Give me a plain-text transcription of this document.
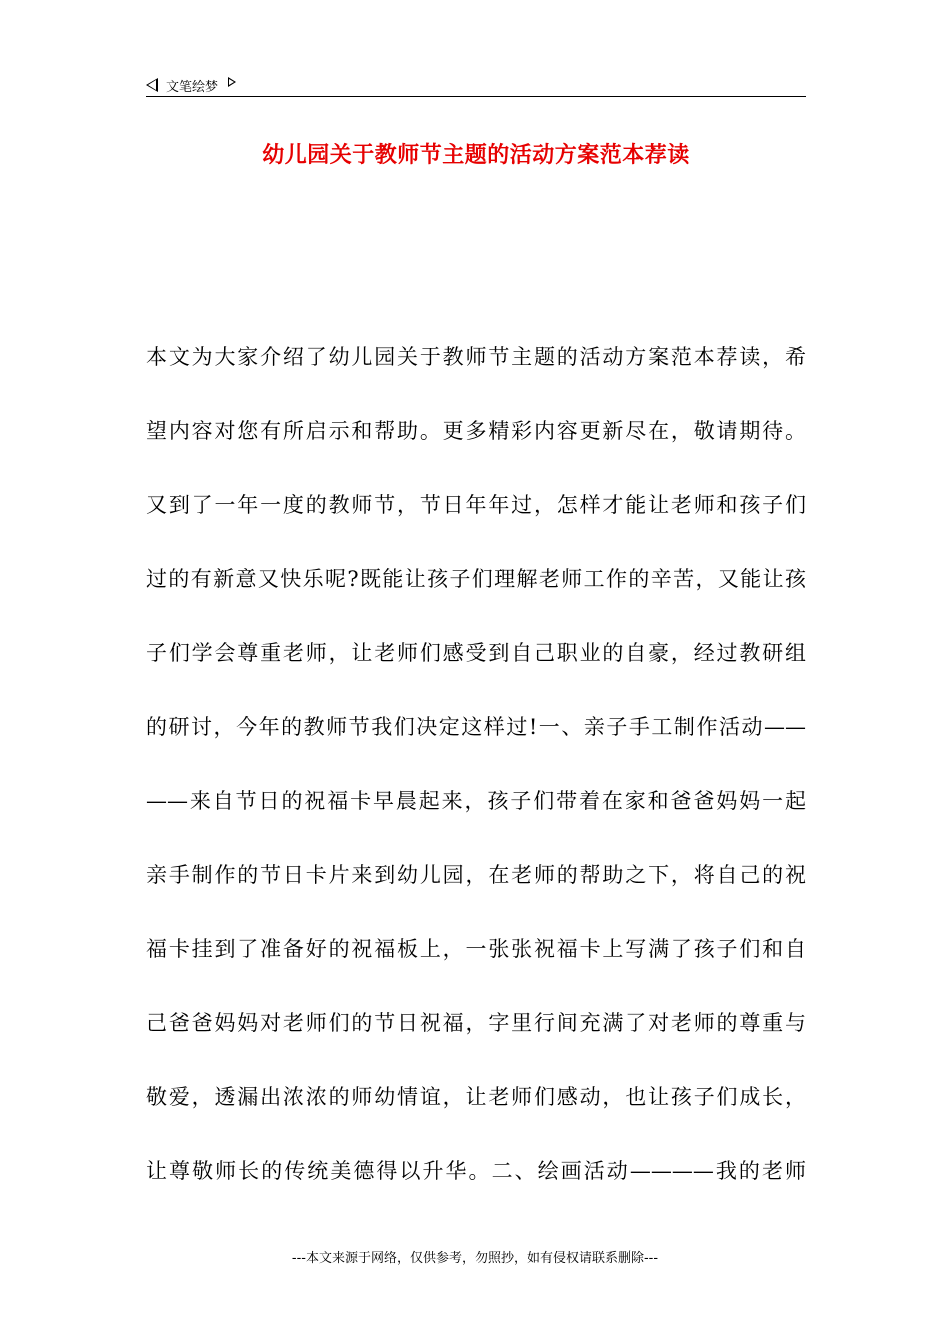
文笔绘梦
幼儿园关于教师节主题的活动方案范本荐读
本文为大家介绍了幼儿园关于教师节主题的活动方案范本荐读，希
望内容对您有所启示和帮助。更多精彩内容更新尽在，敬请期待。
又到了一年一度的教师节，节日年年过，怎样才能让老师和孩子们
过的有新意又快乐呢?既能让孩子们理解老师工作的辛苦，又能让孩
子们学会尊重老师，让老师们感受到自己职业的自豪，经过教研组
的研讨，今年的教师节我们决定这样过!一、亲子手工制作活动——
——来自节日的祝福卡早晨起来，孩子们带着在家和爸爸妈妈一起
亲手制作的节日卡片来到幼儿园，在老师的帮助之下，将自己的祝
福卡挂到了准备好的祝福板上，一张张祝福卡上写满了孩子们和自
己爸爸妈妈对老师们的节日祝福，字里行间充满了对老师的尊重与
敬爱，透漏出浓浓的师幼情谊，让老师们感动，也让孩子们成长，
让尊敬师长的传统美德得以升华。二、绘画活动————我的老师
---本文来源于网络，仅供参考，勿照抄，如有侵权请联系删除---
